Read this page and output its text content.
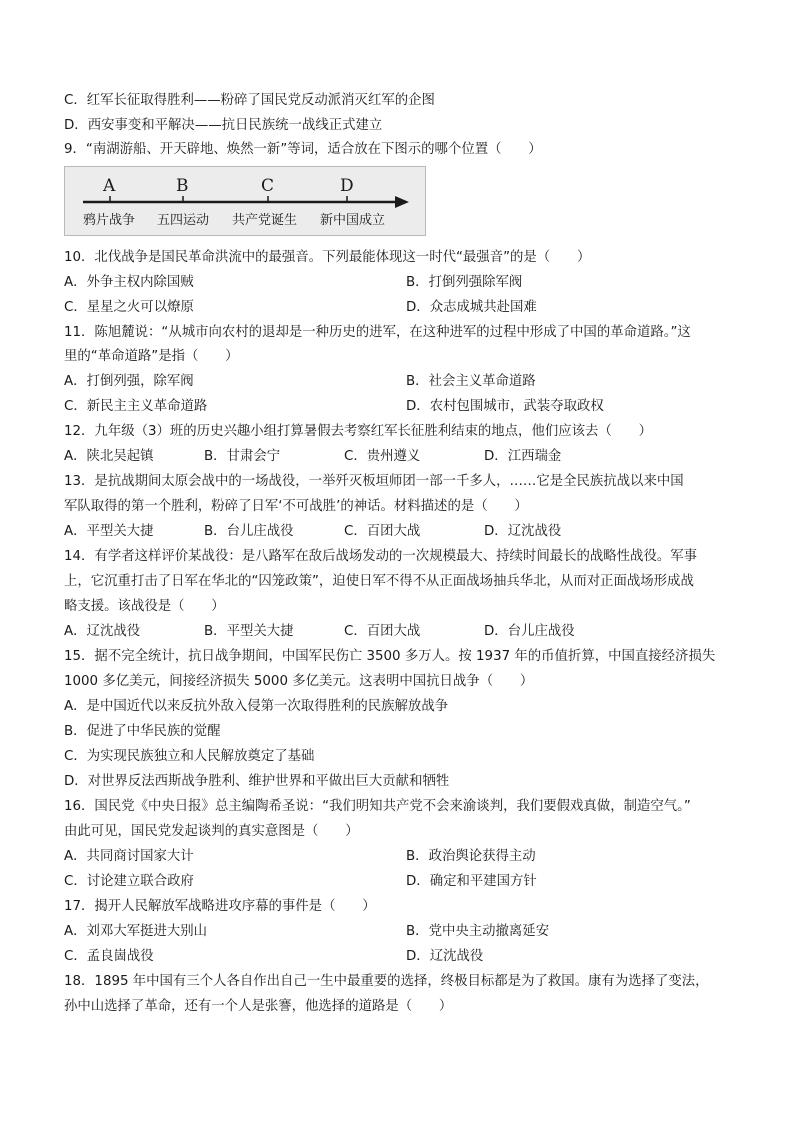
C．红军长征取得胜利——粉碎了国民党反动派消灭红军的企图
D．西安事变和平解决——抗日民族统一战线正式建立
9．“南湖游船、开天辟地、焕然一新”等词，适合放在下图示的哪个位置（　　）
A	B	C	D
鸦片战争 五四运动 共产党诞生 新中国成立
10．北伐战争是国民革命洪流中的最强音。下列最能体现这一时代“最强音”的是（　　）
A．外争主权内除国贼	B．打倒列强除军阀
C．星星之火可以燎原	D．众志成城共赴国难
11．陈旭麓说：“从城市向农村的退却是一种历史的进军，在这种进军的过程中形成了中国的革命道路。”这
里的“革命道路”是指（　　）
A．打倒列强，除军阀	B．社会主义革命道路
C．新民主主义革命道路	D．农村包围城市，武装夺取政权
12．九年级（3）班的历史兴趣小组打算暑假去考察红军长征胜利结束的地点，他们应该去（　　）
A．陕北吴起镇	B．甘肃会宁	C．贵州遵义	D．江西瑞金
13．是抗战期间太原会战中的一场战役，一举歼灭板垣师团一部一千多人，……它是全民族抗战以来中国
军队取得的第一个胜利，粉碎了日军‘不可战胜’的神话。材料描述的是（　　）
A．平型关大捷	B．台儿庄战役	C．百团大战	D．辽沈战役
14．有学者这样评价某战役：是八路军在敌后战场发动的一次规模最大、持续时间最长的战略性战役。军事
上，它沉重打击了日军在华北的“囚笼政策”，迫使日军不得不从正面战场抽兵华北，从而对正面战场形成战
略支援。该战役是（　　）
A．辽沈战役	B．平型关大捷	C．百团大战	D．台儿庄战役
15．据不完全统计，抗日战争期间，中国军民伤亡 3500 多万人。按 1937 年的币值折算，中国直接经济损失
1000 多亿美元，间接经济损失 5000 多亿美元。这表明中国抗日战争（　　）
A．是中国近代以来反抗外敌入侵第一次取得胜利的民族解放战争
B．促进了中华民族的觉醒
C．为实现民族独立和人民解放奠定了基础
D．对世界反法西斯战争胜利、维护世界和平做出巨大贡献和牺牲
16．国民党《中央日报》总主编陶希圣说：“我们明知共产党不会来渝谈判，我们要假戏真做，制造空气。”
由此可见，国民党发起谈判的真实意图是（　　）
A．共同商讨国家大计	B．政治舆论获得主动
C．讨论建立联合政府	D．确定和平建国方针
17．揭开人民解放军战略进攻序幕的事件是（　　）
A．刘邓大军挺进大别山	B．党中央主动撤离延安
C．孟良崮战役	D．辽沈战役
18．1895 年中国有三个人各自作出自己一生中最重要的选择，终极目标都是为了救国。康有为选择了变法，
孙中山选择了革命，还有一个人是张謇，他选择的道路是（　　）
